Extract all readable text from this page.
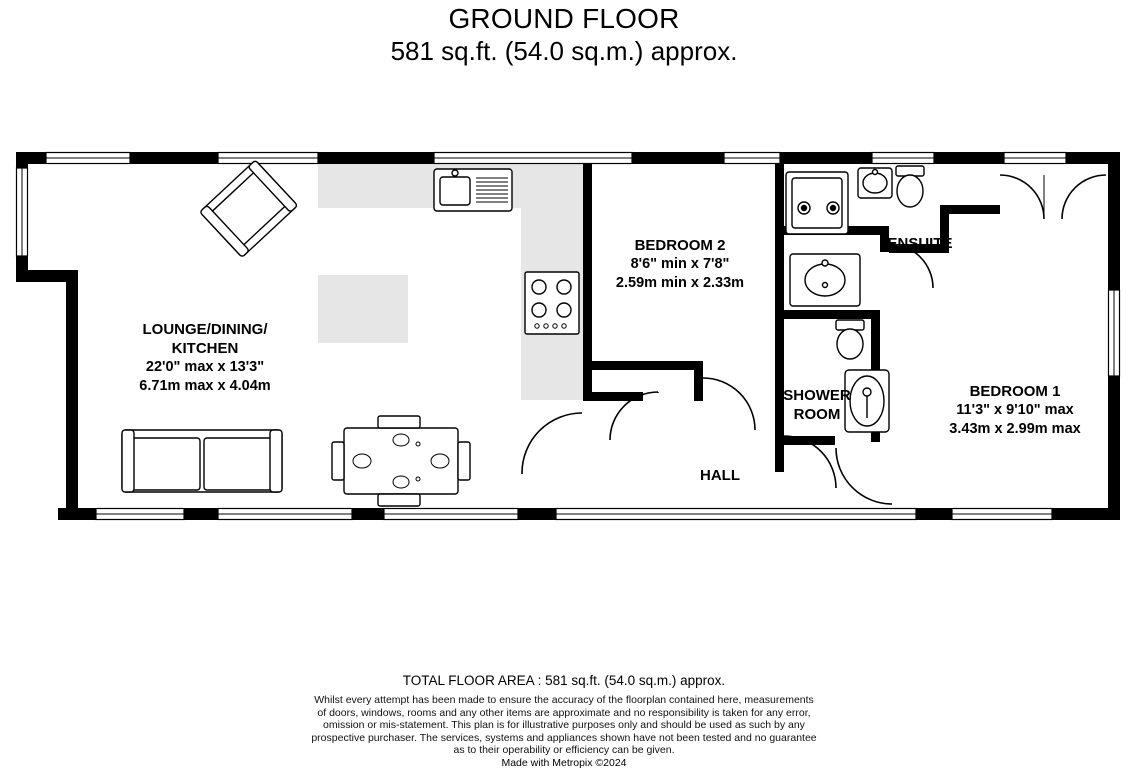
GROUND FLOOR
581 sq.ft. (54.0 sq.m.) approx.
LOUNGE/DINING/
KITCHEN
22'0" max x 13'3"
6.71m max x 4.04m
BEDROOM 2
8'6" min x 7'8"
2.59m min x 2.33m
ENSUITE
SHOWER
ROOM
BEDROOM 1
11'3" x 9'10" max
3.43m x 2.99m max
HALL
TOTAL FLOOR AREA : 581 sq.ft. (54.0 sq.m.) approx.
Whilst every attempt has been made to ensure the accuracy of the floorplan contained here, measurements
of doors, windows, rooms and any other items are approximate and no responsibility is taken for any error,
omission or mis-statement. This plan is for illustrative purposes only and should be used as such by any
prospective purchaser. The services, systems and appliances shown have not been tested and no guarantee
as to their operability or efficiency can be given.
Made with Metropix ©2024
